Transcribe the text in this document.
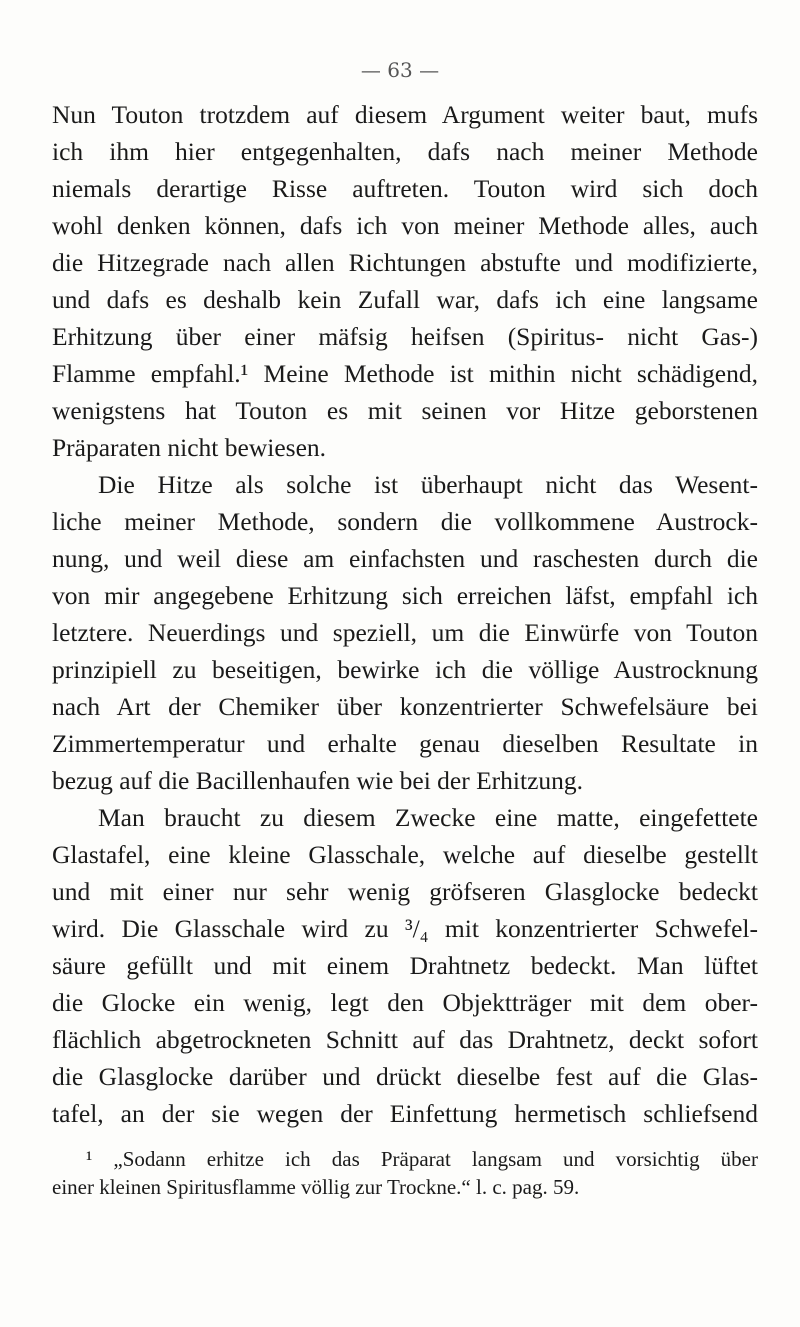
— 63 —
Nun Touton trotzdem auf diesem Argument weiter baut, mufs
ich ihm hier entgegenhalten, dafs nach meiner Methode
niemals derartige Risse auftreten. Touton wird sich doch
wohl denken können, dafs ich von meiner Methode alles, auch
die Hitzegrade nach allen Richtungen abstufte und modifizierte,
und dafs es deshalb kein Zufall war, dafs ich eine langsame
Erhitzung über einer mäfsig heifsen (Spiritus- nicht Gas-)
Flamme empfahl.¹ Meine Methode ist mithin nicht schädigend,
wenigstens hat Touton es mit seinen vor Hitze geborstenen
Präparaten nicht bewiesen.
Die Hitze als solche ist überhaupt nicht das Wesent-
liche meiner Methode, sondern die vollkommene Austrock-
nung, und weil diese am einfachsten und raschesten durch die
von mir angegebene Erhitzung sich erreichen läfst, empfahl ich
letztere. Neuerdings und speziell, um die Einwürfe von Touton
prinzipiell zu beseitigen, bewirke ich die völlige Austrocknung
nach Art der Chemiker über konzentrierter Schwefelsäure bei
Zimmertemperatur und erhalte genau dieselben Resultate in
bezug auf die Bacillenhaufen wie bei der Erhitzung.
Man braucht zu diesem Zwecke eine matte, eingefettete
Glastafel, eine kleine Glasschale, welche auf dieselbe gestellt
und mit einer nur sehr wenig gröfseren Glasglocke bedeckt
wird. Die Glasschale wird zu ³/₄ mit konzentrierter Schwefel-
säure gefüllt und mit einem Drahtnetz bedeckt. Man lüftet
die Glocke ein wenig, legt den Objektträger mit dem ober-
flächlich abgetrockneten Schnitt auf das Drahtnetz, deckt sofort
die Glasglocke darüber und drückt dieselbe fest auf die Glas-
tafel, an der sie wegen der Einfettung hermetisch schliefsend
¹ „Sodann erhitze ich das Präparat langsam und vorsichtig über
einer kleinen Spiritusflamme völlig zur Trockne.“ l. c. pag. 59.
